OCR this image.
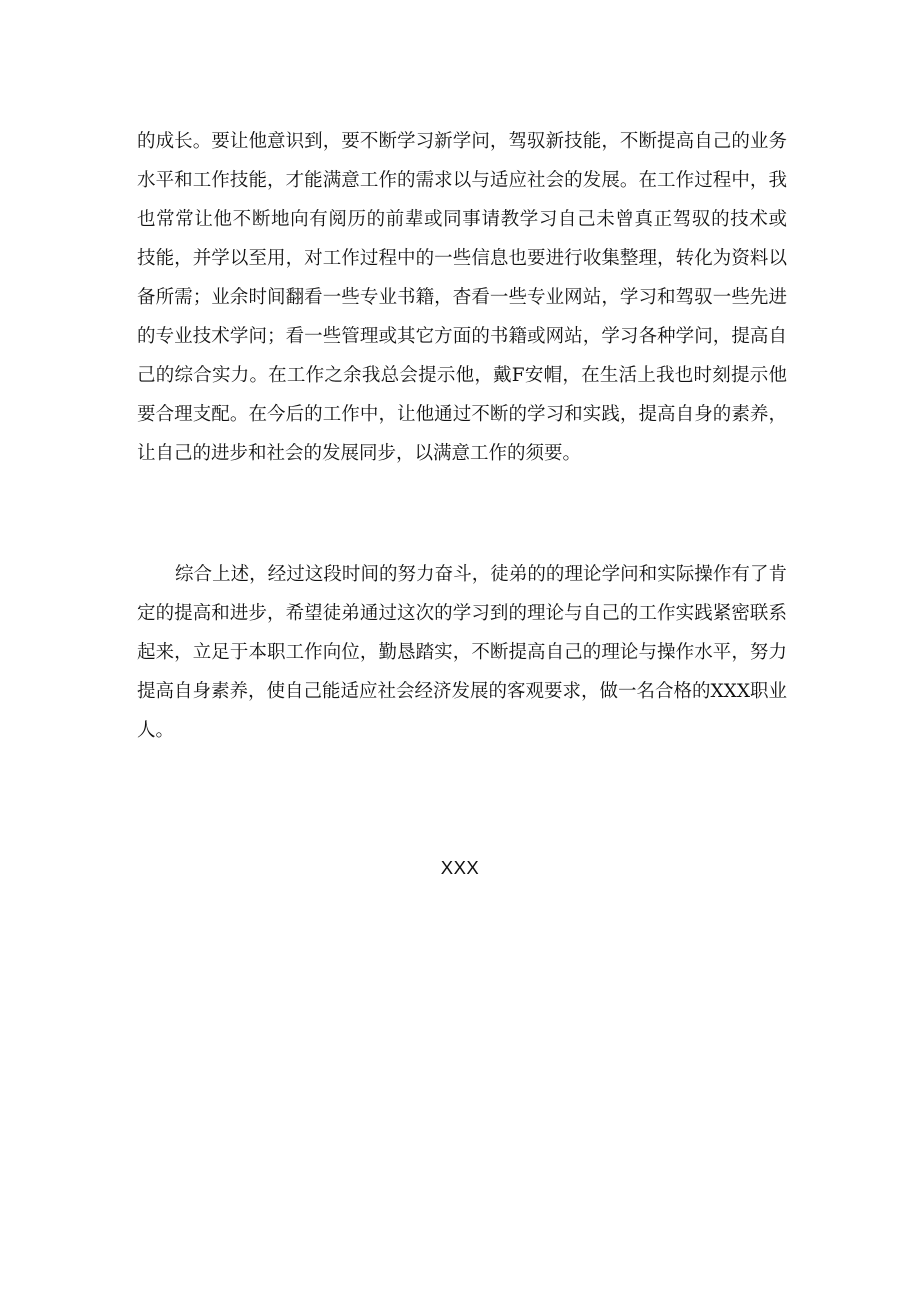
的成长。要让他意识到，要不断学习新学问，驾驭新技能，不断提高自己的业务
水平和工作技能，才能满意工作的需求以与适应社会的发展。在工作过程中，我
也常常让他不断地向有阅历的前辈或同事请教学习自己未曾真正驾驭的技术或
技能，并学以至用，对工作过程中的一些信息也要进行收集整理，转化为资料以
备所需；业余时间翻看一些专业书籍，杳看一些专业网站，学习和驾驭一些先进
的专业技术学问；看一些管理或其它方面的书籍或网站，学习各种学问，提高自
己的综合实力。在工作之余我总会提示他，戴F安帽，在生活上我也时刻提示他
要合理支配。在今后的工作中，让他通过不断的学习和实践，提高自身的素养，
让自己的进步和社会的发展同步，以满意工作的须要。
综合上述，经过这段时间的努力奋斗，徒弟的的理论学问和实际操作有了肯
定的提高和进步，希望徒弟通过这次的学习到的理论与自己的工作实践紧密联系
起来，立足于本职工作向位，勤恳踏实，不断提高自己的理论与操作水平，努力
提高自身素养，使自己能适应社会经济发展的客观要求，做一名合格的XXX职业
人。
XXX
